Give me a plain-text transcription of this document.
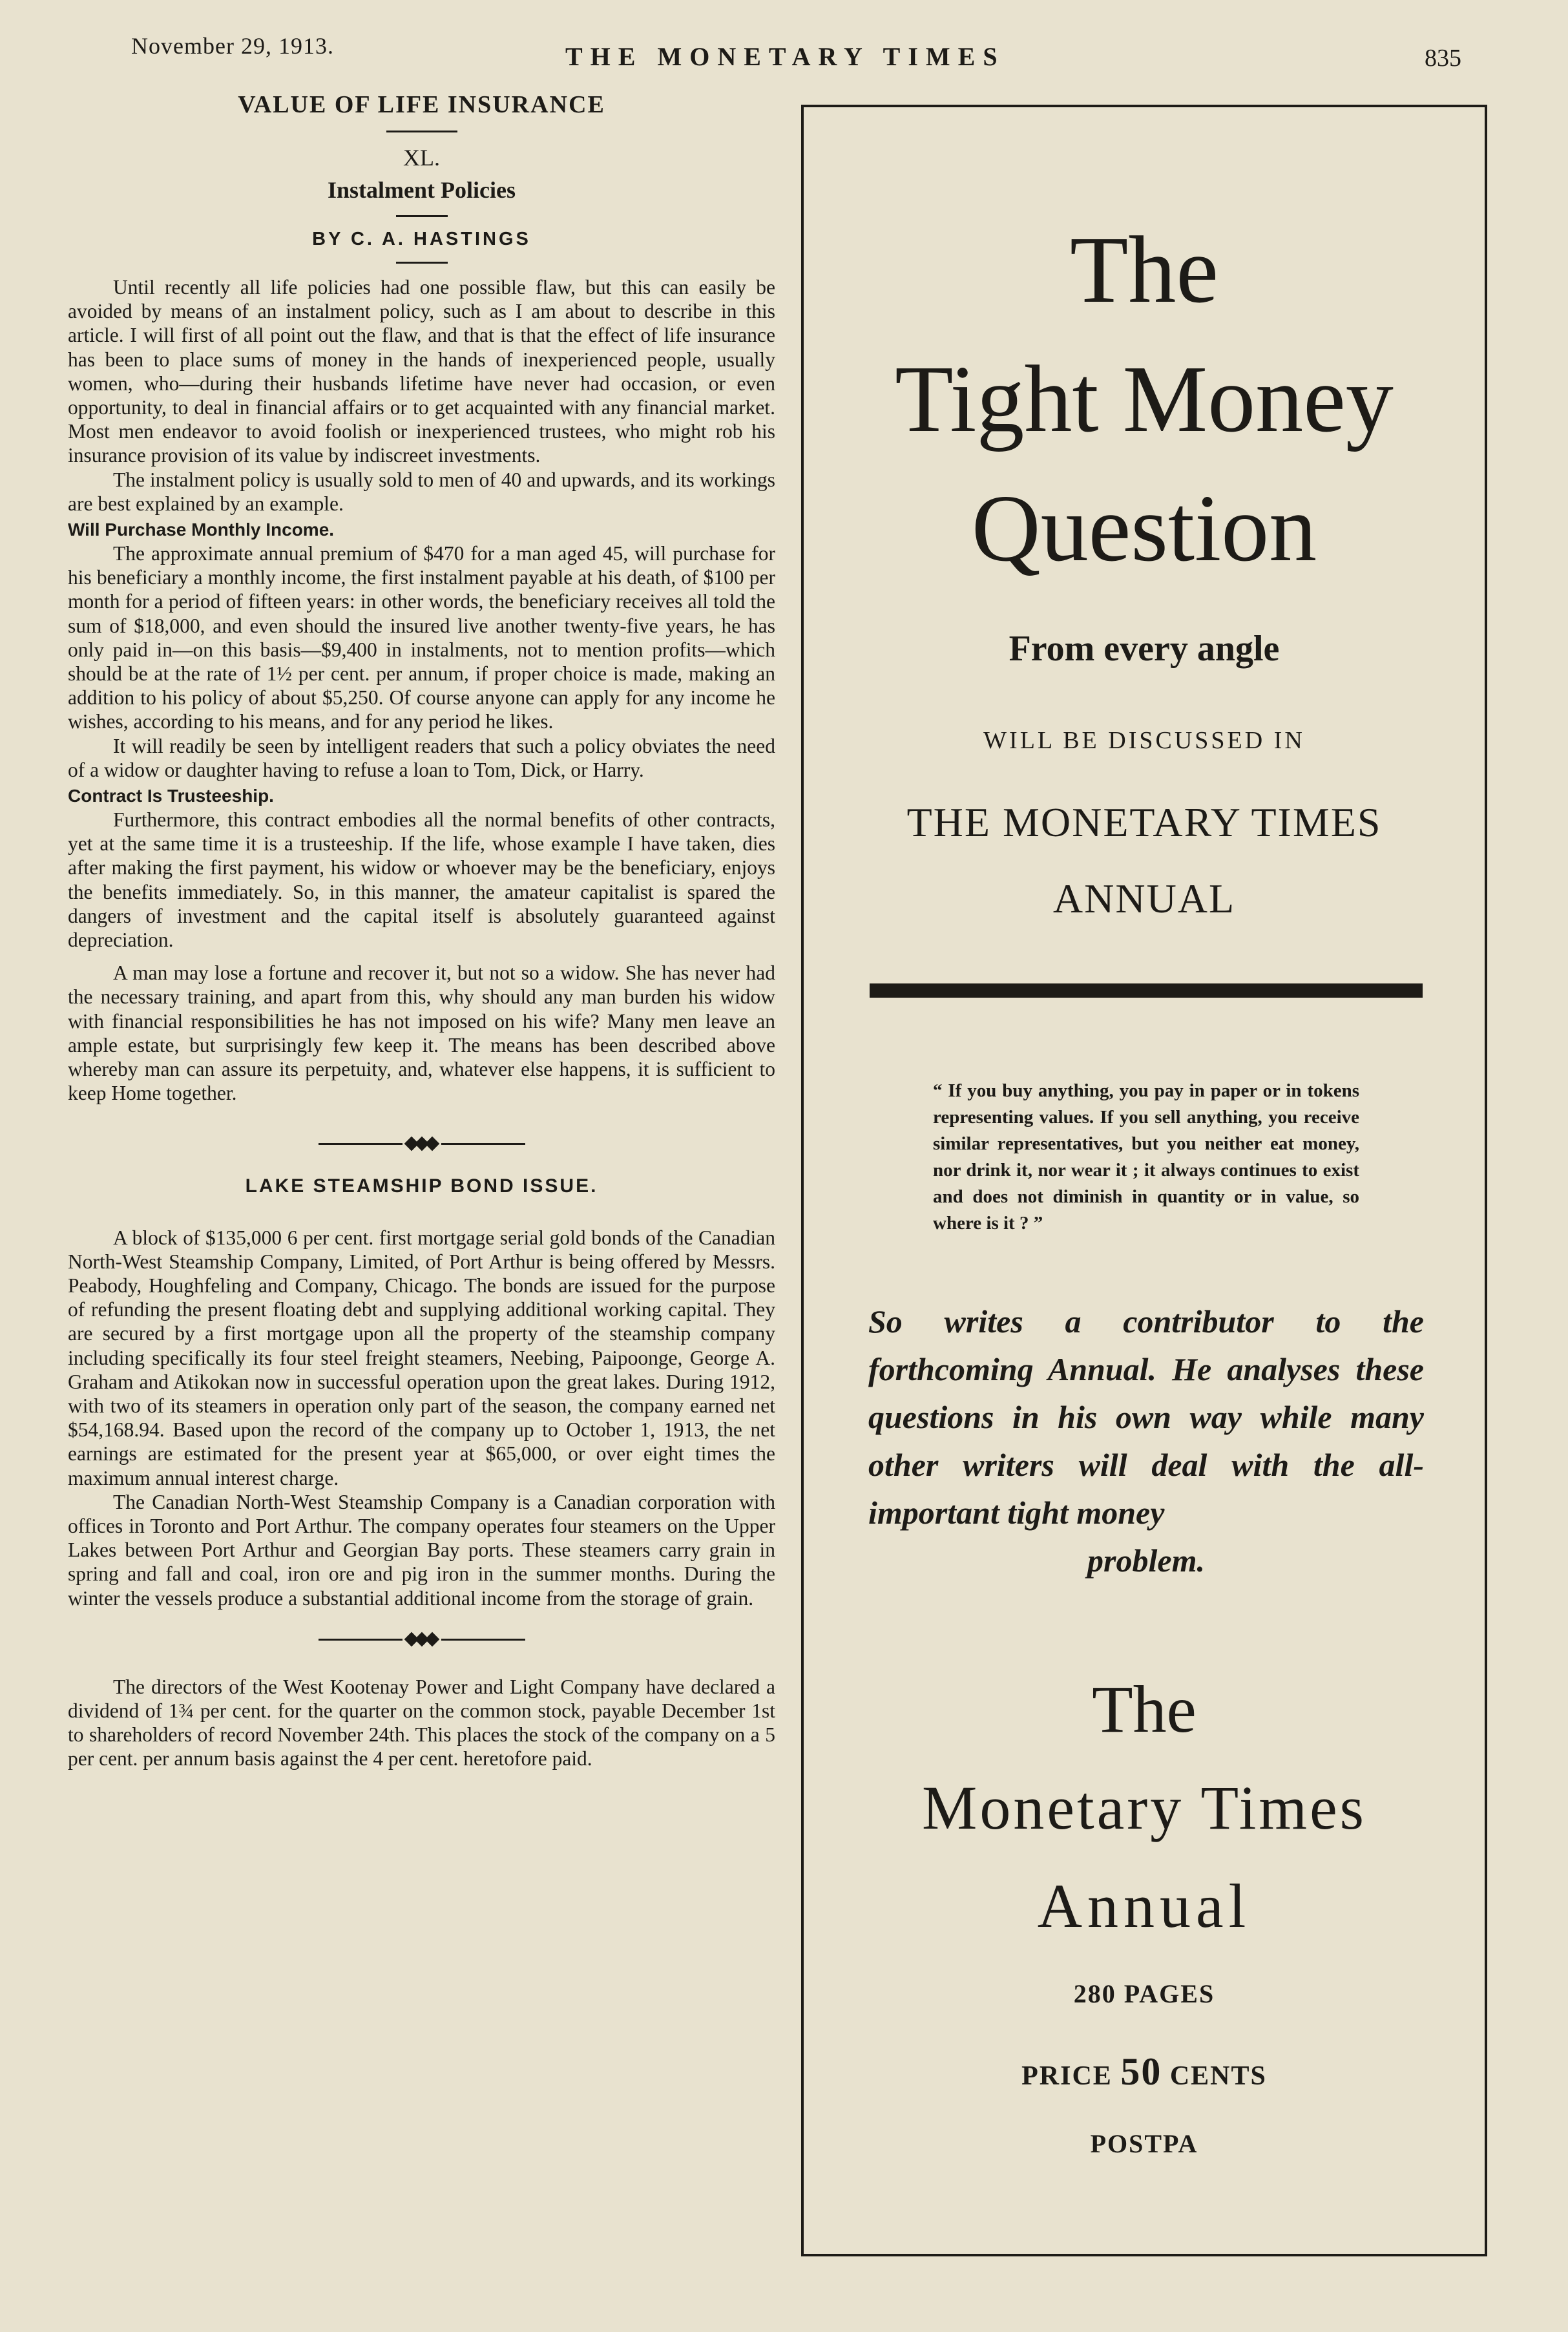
November 29, 1913.	THE MONETARY TIMES	835
VALUE OF LIFE INSURANCE
XL.
Instalment Policies
BY C. A. HASTINGS

Until recently all life policies had one possible flaw, but this can easily be avoided by means of an instalment policy, such as I am about to describe in this article. I will first of all point out the flaw, and that is that the effect of life insurance has been to place sums of money in the hands of inexperienced people, usually women, who—during their husbands lifetime have never had occasion, or even opportunity, to deal in financial affairs or to get acquainted with any financial market. Most men endeavor to avoid foolish or inexperienced trustees, who might rob his insurance provision of its value by indiscreet investments.

The instalment policy is usually sold to men of 40 and upwards, and its workings are best explained by an example.

Will Purchase Monthly Income.

The approximate annual premium of $470 for a man aged 45, will purchase for his beneficiary a monthly income, the first instalment payable at his death, of $100 per month for a period of fifteen years: in other words, the beneficiary receives all told the sum of $18,000, and even should the insured live another twenty-five years, he has only paid in—on this basis—$9,400 in instalments, not to mention profits—which should be at the rate of 1½ per cent. per annum, if proper choice is made, making an addition to his policy of about $5,250. Of course anyone can apply for any income he wishes, according to his means, and for any period he likes.

It will readily be seen by intelligent readers that such a policy obviates the need of a widow or daughter having to refuse a loan to Tom, Dick, or Harry.

Contract Is Trusteeship.

Furthermore, this contract embodies all the normal benefits of other contracts, yet at the same time it is a trusteeship. If the life, whose example I have taken, dies after making the first payment, his widow or whoever may be the beneficiary, enjoys the benefits immediately. So, in this manner, the amateur capitalist is spared the dangers of investment and the capital itself is absolutely guaranteed against depreciation.

A man may lose a fortune and recover it, but not so a widow. She has never had the necessary training, and apart from this, why should any man burden his widow with financial responsibilities he has not imposed on his wife? Many men leave an ample estate, but surprisingly few keep it. The means has been described above whereby man can assure its perpetuity, and, whatever else happens, it is sufficient to keep Home together.

LAKE STEAMSHIP BOND ISSUE.

A block of $135,000 6 per cent. first mortgage serial gold bonds of the Canadian North-West Steamship Company, Limited, of Port Arthur is being offered by Messrs. Peabody, Houghfeling and Company, Chicago. The bonds are issued for the purpose of refunding the present floating debt and supplying additional working capital. They are secured by a first mortgage upon all the property of the steamship company including specifically its four steel freight steamers, Neebing, Paipoonge, George A. Graham and Atikokan now in successful operation upon the great lakes. During 1912, with two of its steamers in operation only part of the season, the company earned net $54,168.94. Based upon the record of the company up to October 1, 1913, the net earnings are estimated for the present year at $65,000, or over eight times the maximum annual interest charge.

The Canadian North-West Steamship Company is a Canadian corporation with offices in Toronto and Port Arthur. The company operates four steamers on the Upper Lakes between Port Arthur and Georgian Bay ports. These steamers carry grain in spring and fall and coal, iron ore and pig iron in the summer months. During the winter the vessels produce a substantial additional income from the storage of grain.

The directors of the West Kootenay Power and Light Company have declared a dividend of 1¾ per cent. for the quarter on the common stock, payable December 1st to shareholders of record November 24th. This places the stock of the company on a 5 per cent. per annum basis against the 4 per cent. heretofore paid.

The

Tight Money

Question

From every angle
WILL BE DISCUSSED IN
THE MONETARY TIMES
ANNUAL
“ If you buy anything, you pay in paper or in tokens representing values. If you sell anything, you receive similar representatives, but you neither eat money, nor drink it, nor wear it ; it always continues to exist and does not diminish in quantity or in value, so where is it ? ”
So writes a contributor to the forthcoming Annual. He analyses these questions in his own way while many other writers will deal with the all-important tight money
problem.
The
Monetary Times
Annual
280 PAGES
PRICE 50 CENTS
POSTPA
